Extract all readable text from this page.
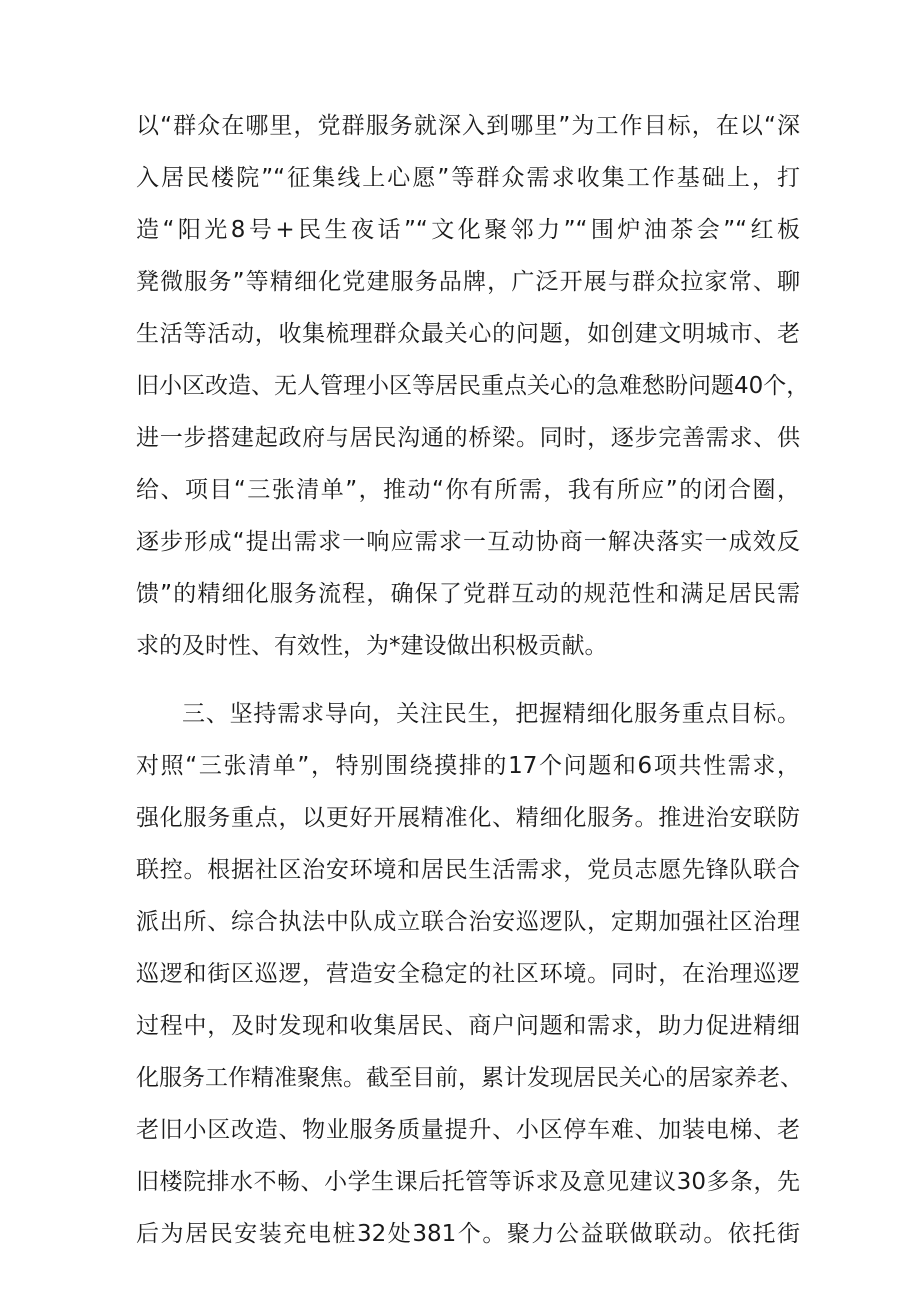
以“群众在哪里，党群服务就深入到哪里”为工作目标，在以“深
入居民楼院”“征集线上心愿”等群众需求收集工作基础上，打
造“阳光8号+民生夜话”“文化聚邻力”“围炉油茶会”“红板
凳微服务”等精细化党建服务品牌，广泛开展与群众拉家常、聊
生活等活动，收集梳理群众最关心的问题，如创建文明城市、老
旧小区改造、无人管理小区等居民重点关心的急难愁盼问题40个，
进一步搭建起政府与居民沟通的桥梁。同时，逐步完善需求、供
给、项目“三张清单”，推动“你有所需，我有所应”的闭合圈，
逐步形成“提出需求一响应需求一互动协商一解决落实一成效反
馈”的精细化服务流程，确保了党群互动的规范性和满足居民需
求的及时性、有效性，为*建设做出积极贡献。
三、坚持需求导向，关注民生，把握精细化服务重点目标。
对照“三张清单”，特别围绕摸排的17个问题和6项共性需求，
强化服务重点，以更好开展精准化、精细化服务。推进治安联防
联控。根据社区治安环境和居民生活需求，党员志愿先锋队联合
派出所、综合执法中队成立联合治安巡逻队，定期加强社区治理
巡逻和街区巡逻，营造安全稳定的社区环境。同时，在治理巡逻
过程中，及时发现和收集居民、商户问题和需求，助力促进精细
化服务工作精准聚焦。截至目前，累计发现居民关心的居家养老、
老旧小区改造、物业服务质量提升、小区停车难、加装电梯、老
旧楼院排水不畅、小学生课后托管等诉求及意见建议30多条，先
后为居民安装充电桩32处381个。聚力公益联做联动。依托街
